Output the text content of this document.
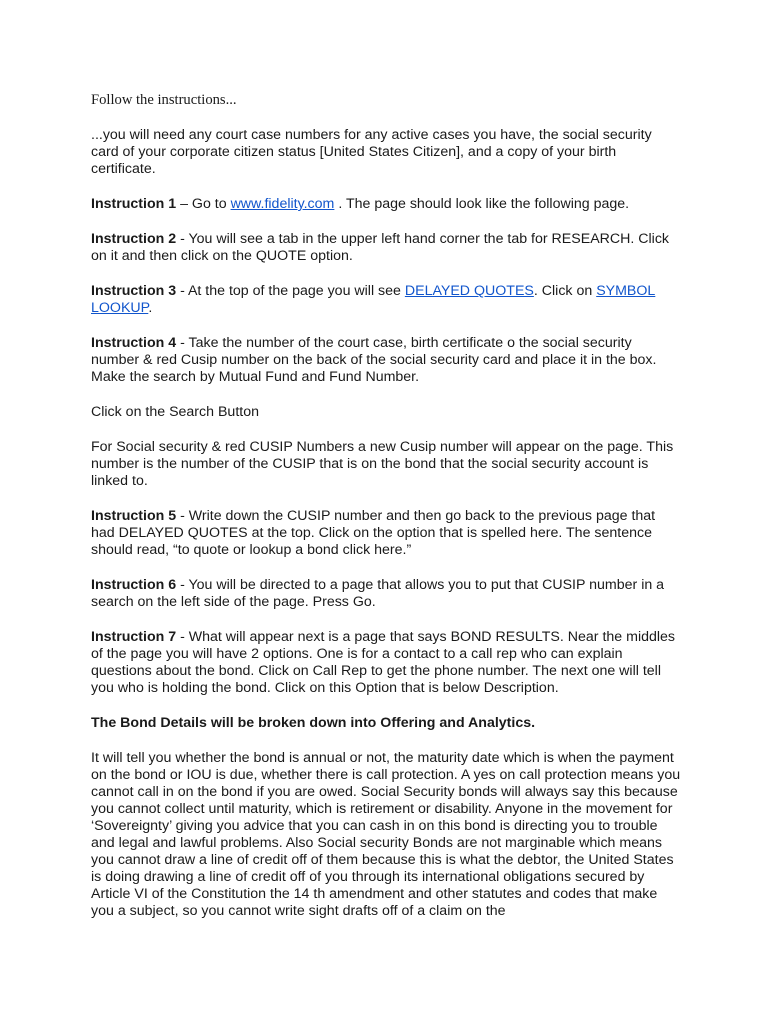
Follow the instructions...

...you will need any court case numbers for any active cases you have, the social security card of your corporate citizen status [United States Citizen], and a copy of your birth certificate.

Instruction 1 – Go to www.fidelity.com . The page should look like the following page.

Instruction 2 - You will see a tab in the upper left hand corner the tab for RESEARCH. Click on it and then click on the QUOTE option.

Instruction 3 - At the top of the page you will see DELAYED QUOTES. Click on SYMBOL LOOKUP.

Instruction 4 - Take the number of the court case, birth certificate o the social security number & red Cusip number on the back of the social security card and place it in the box. Make the search by Mutual Fund and Fund Number.

Click on the Search Button

For Social security & red CUSIP Numbers a new Cusip number will appear on the page. This number is the number of the CUSIP that is on the bond that the social security account is linked to.

Instruction 5 - Write down the CUSIP number and then go back to the previous page that had DELAYED QUOTES at the top. Click on the option that is spelled here. The sentence should read, “to quote or lookup a bond click here.”

Instruction 6 - You will be directed to a page that allows you to put that CUSIP number in a search on the left side of the page. Press Go.

Instruction 7 - What will appear next is a page that says BOND RESULTS. Near the middles of the page you will have 2 options. One is for a contact to a call rep who can explain questions about the bond. Click on Call Rep to get the phone number. The next one will tell you who is holding the bond. Click on this Option that is below Description.

The Bond Details will be broken down into Offering and Analytics.

It will tell you whether the bond is annual or not, the maturity date which is when the payment on the bond or IOU is due, whether there is call protection. A yes on call protection means you cannot call in on the bond if you are owed. Social Security bonds will always say this because you cannot collect until maturity, which is retirement or disability. Anyone in the movement for ‘Sovereignty’ giving you advice that you can cash in on this bond is directing you to trouble and legal and lawful problems. Also Social security Bonds are not marginable which means you cannot draw a line of credit off of them because this is what the debtor, the United States is doing drawing a line of credit off of you through its international obligations secured by Article VI of the Constitution the 14 th amendment and other statutes and codes that make you a subject, so you cannot write sight drafts off of a claim on the
